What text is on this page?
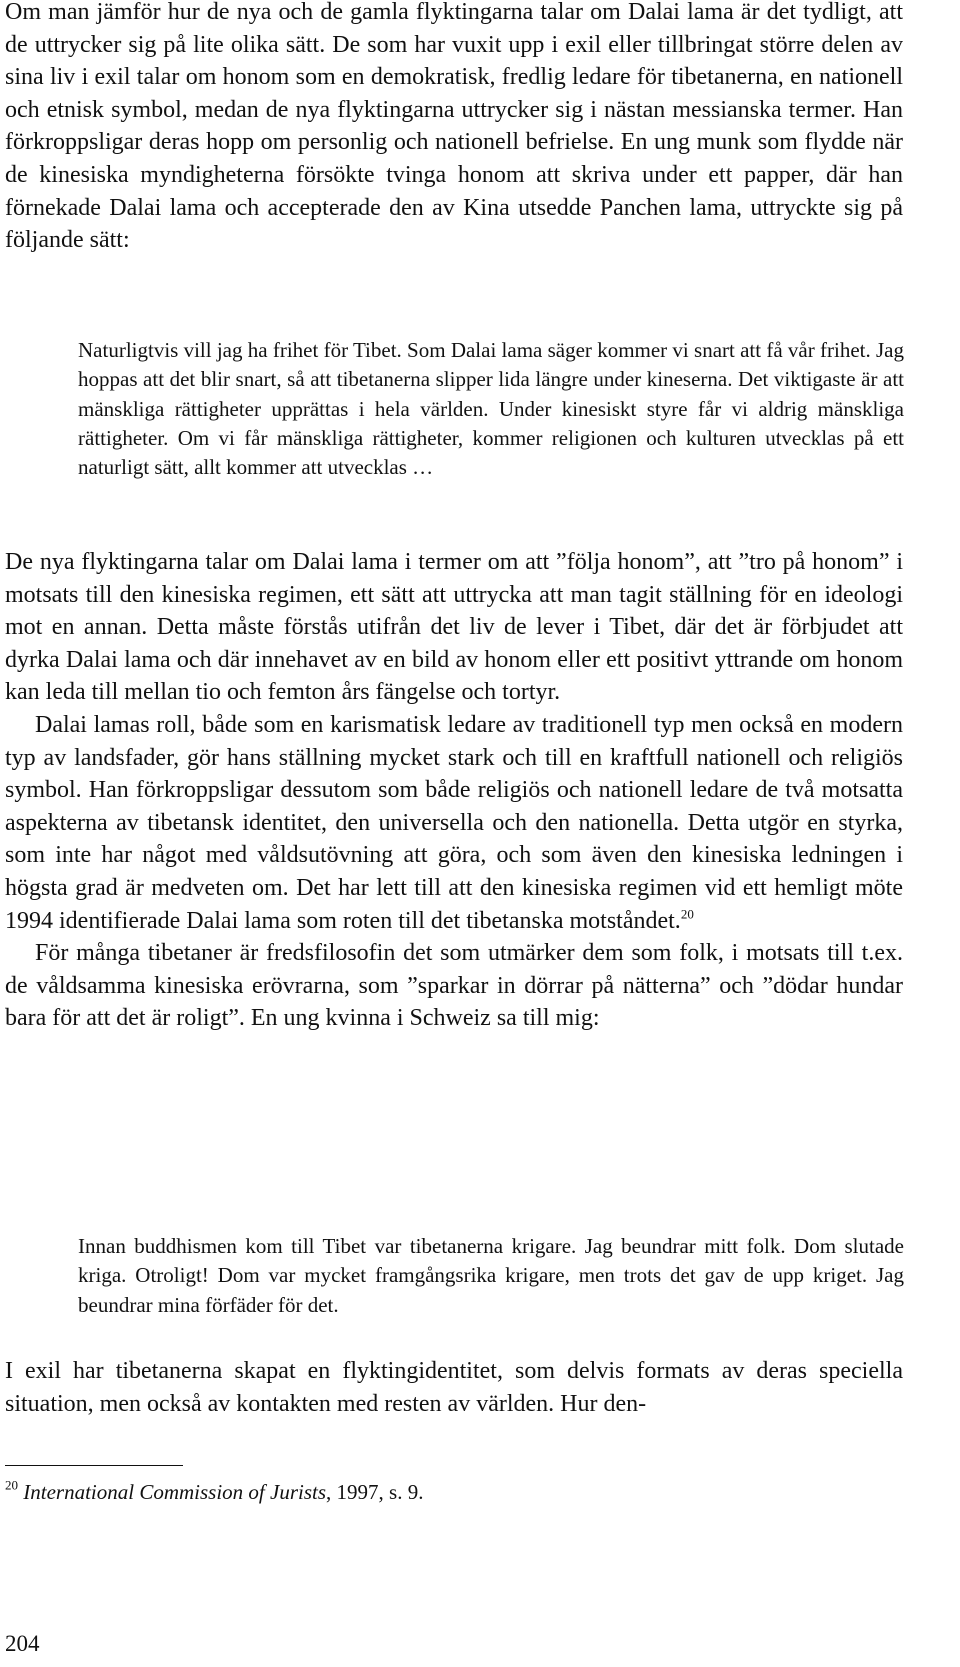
Om man jämför hur de nya och de gamla flyktingarna talar om Dalai lama är det tydligt, att de uttrycker sig på lite olika sätt. De som har vuxit upp i exil eller tillbringat större delen av sina liv i exil talar om honom som en demokratisk, fredlig ledare för tibetanerna, en nationell och etnisk symbol, medan de nya flyktingarna uttrycker sig i nästan messianska termer. Han förkroppsligar deras hopp om personlig och nationell befrielse. En ung munk som flydde när de kinesiska myndigheterna försökte tvinga honom att skriva under ett papper, där han förnekade Dalai lama och accepterade den av Kina utsedde Panchen lama, uttryckte sig på följande sätt:

Naturligtvis vill jag ha frihet för Tibet. Som Dalai lama säger kommer vi snart att få vår frihet. Jag hoppas att det blir snart, så att tibetanerna slipper lida längre under kineserna. Det viktigaste är att mänskliga rättigheter upprättas i hela världen. Under kinesiskt styre får vi aldrig mänskliga rättigheter. Om vi får mänskliga rättigheter, kommer religionen och kulturen utvecklas på ett naturligt sätt, allt kommer att utvecklas …

De nya flyktingarna talar om Dalai lama i termer om att ”följa honom”, att ”tro på honom” i motsats till den kinesiska regimen, ett sätt att uttrycka att man tagit ställning för en ideologi mot en annan. Detta måste förstås utifrån det liv de lever i Tibet, där det är förbjudet att dyrka Dalai lama och där innehavet av en bild av honom eller ett positivt yttrande om honom kan leda till mellan tio och femton års fängelse och tortyr.

Dalai lamas roll, både som en karismatisk ledare av traditionell typ men också en modern typ av landsfader, gör hans ställning mycket stark och till en kraftfull nationell och religiös symbol. Han förkroppsligar dessutom som både religiös och nationell ledare de två motsatta aspekterna av tibetansk identitet, den universella och den nationella. Detta utgör en styrka, som inte har något med våldsutövning att göra, och som även den kinesiska ledningen i högsta grad är medveten om. Det har lett till att den kinesiska regimen vid ett hemligt möte 1994 identifierade Dalai lama som roten till det tibetanska motståndet.$^{20}$

För många tibetaner är fredsfilosofin det som utmärker dem som folk, i motsats till t.ex. de våldsamma kinesiska erövrarna, som ”sparkar in dörrar på nätterna” och ”dödar hundar bara för att det är roligt”. En ung kvinna i Schweiz sa till mig:

Innan buddhismen kom till Tibet var tibetanerna krigare. Jag beundrar mitt folk. Dom slutade kriga. Otroligt! Dom var mycket framgångsrika krigare, men trots det gav de upp kriget. Jag beundrar mina förfäder för det.

I exil har tibetanerna skapat en flyktingidentitet, som delvis formats av deras speciella situation, men också av kontakten med resten av världen. Hur den-

$^{20}$ International Commission of Jurists, 1997, s. 9.

204
